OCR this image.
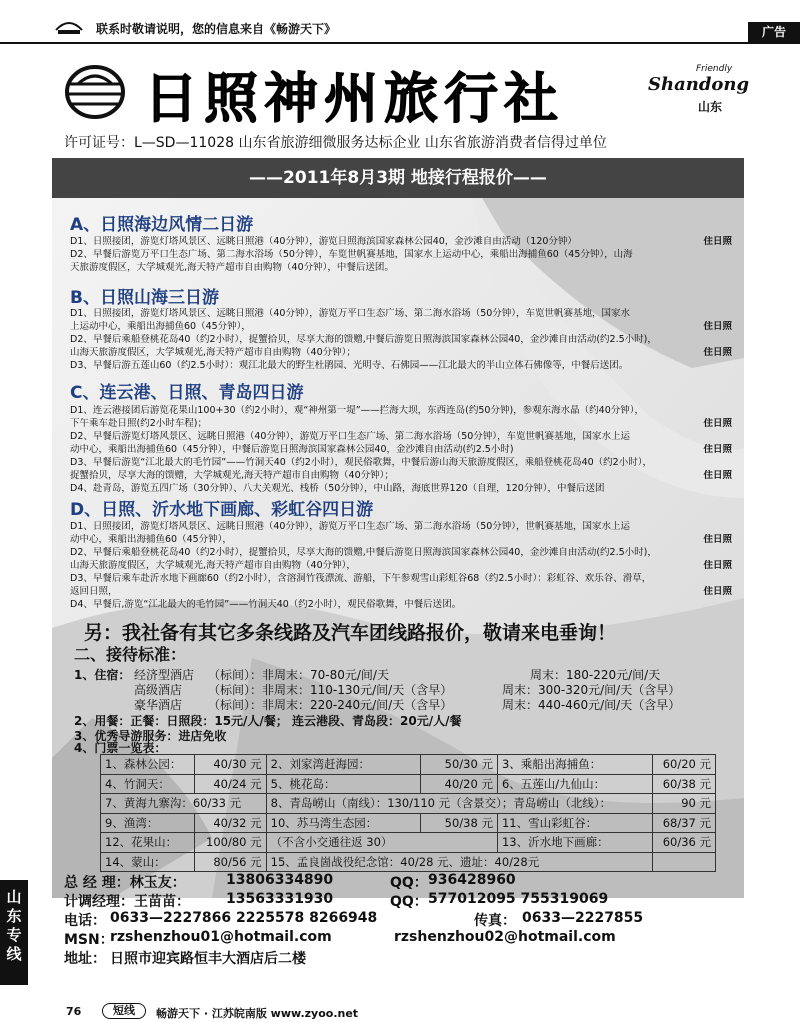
联系时敬请说明，您的信息来自《畅游天下》	广告
日照神州旅行社	Friendly
Shandong
山东
许可证号：L—SD—11028 山东省旅游细微服务达标企业 山东省旅游消费者信得过单位
——2011年8月3期 地接行程报价——
A、日照海边风情二日游
D1、日照接团，游览灯塔风景区、远眺日照港（40分钟），游览日照海滨国家森林公园40，金沙滩自由活动（120分钟）	住日照
D2、早餐后游览万平口生态广场、第二海水浴场（50分钟），车览世帆赛基地，国家水上运动中心，乘船出海捕鱼60（45分钟），山海
天旅游度假区，大学城观光,海天特产超市自由购物（40分钟），中餐后送团。
B、日照山海三日游
D1、日照接团，游览灯塔风景区、远眺日照港（40分钟），游览万平口生态广场、第二海水浴场（50分钟），车览世帆赛基地，国家水
上运动中心，乘船出海捕鱼60（45分钟），	住日照
D2、早餐后乘船登桃花岛40（约2小时），捉蟹拾贝，尽享大海的馈赠,中餐后游览日照海滨国家森林公园40，金沙滩自由活动(约2.5小时)，
山海天旅游度假区，大学城观光,海天特产超市自由购物（40分钟）；	住日照
D3、早餐后游五莲山60（约2.5小时）：观江北最大的野生杜鹃园、光明寺、石佛园——江北最大的半山立体石佛像等，中餐后送团。
C、连云港、日照、青岛四日游
D1、连云港接团后游览花果山100+30（约2小时），观“神州第一堤”——拦海大坝，东西连岛(约50分钟)，参观东海水晶（约40分钟），
下午乘车赴日照(约2小时车程)；	住日照
D2、早餐后游览灯塔风景区、远眺日照港（40分钟），游览万平口生态广场、第二海水浴场（50分钟），车览世帆赛基地，国家水上运
动中心，乘船出海捕鱼60（45分钟），中餐后游览日照海滨国家森林公园40，金沙滩自由活动(约2.5小时)	住日照
D3、早餐后游览“江北最大的毛竹园”——竹洞天40（约2小时），观民俗歌舞，中餐后游山海天旅游度假区，乘船登桃花岛40（约2小时），
捉蟹拾贝，尽享大海的馈赠，大学城观光,海天特产超市自由购物（40分钟）；	住日照
D4、赴青岛，游览五四广场（30分钟）、八大关观光、栈桥（50分钟），中山路，海底世界120（自理，120分钟），中餐后送团
D、日照、沂水地下画廊、彩虹谷四日游
D1、日照接团，游览灯塔风景区、远眺日照港（40分钟），游览万平口生态广场、第二海水浴场（50分钟），世帆赛基地，国家水上运
动中心，乘船出海捕鱼60（45分钟），	住日照
D2、早餐后乘船登桃花岛40（约2小时），捉蟹拾贝，尽享大海的馈赠,中餐后游览日照海滨国家森林公园40，金沙滩自由活动(约2.5小时)，
山海天旅游度假区，大学城观光,海天特产超市自由购物（40分钟），	住日照
D3、早餐后乘车赴沂水地下画廊60（约2小时），含溶洞竹筏漂流、游船，下午参观雪山彩虹谷68（约2.5小时）：彩虹谷、欢乐谷、滑草，
返回日照，	住日照
D4、早餐后,游览“江北最大的毛竹园”——竹洞天40（约2小时），观民俗歌舞，中餐后送团。
另：我社备有其它多条线路及汽车团线路报价，敬请来电垂询！
二、接待标准：
1、住宿： 经济型酒店 （标间）：非周末：70-80元/间/天	周末：180-220元/间/天
高级酒店 （标间）：非周末：110-130元/间/天（含早）	周末：300-320元/间/天（含早）
豪华酒店 （标间）：非周末：220-240元/间/天（含早）	周末：440-460元/间/天（含早）
2、用餐：正餐：日照段：15元/人/餐； 连云港段、青岛段：20元/人/餐
3、优秀导游服务：进店免收
4、门票一览表：
1、森林公园：	40/30 元	2、刘家湾赶海园：	50/30 元	3、乘船出海捕鱼：	60/20 元
4、竹洞天：	40/24 元	5、桃花岛：	40/20 元	6、五莲山/九仙山：	60/38 元
7、黄海九寨沟：60/33 元		8、青岛崂山（南线）：130/110 元（含景交）；青岛崂山（北线）：			90 元
9、渔湾：	40/32 元	10、苏马湾生态园：	50/38 元	11、雪山彩虹谷：	68/37 元
12、花果山：	100/80 元	（不含小交通往返 30）		13、沂水地下画廊：	60/36 元
14、蒙山：	80/56 元	15、孟良崮战役纪念馆：40/28 元、遗址：40/28元			
总 经 理：林玉友：	13806334890	QQ： 936428960
计调经理：王苗苗：	13563331930	QQ： 577012095 755319069
电话： 0633—2227866 2225578 8266948	传真： 0633—2227855
MSN：
rzshenzhou01@hotmail.com	rzshenzhou02@hotmail.com
地址： 日照市迎宾路恒丰大酒店后二楼
山东专线
76	短线	畅游天下 · 江苏皖南版 www.zyoo.net
